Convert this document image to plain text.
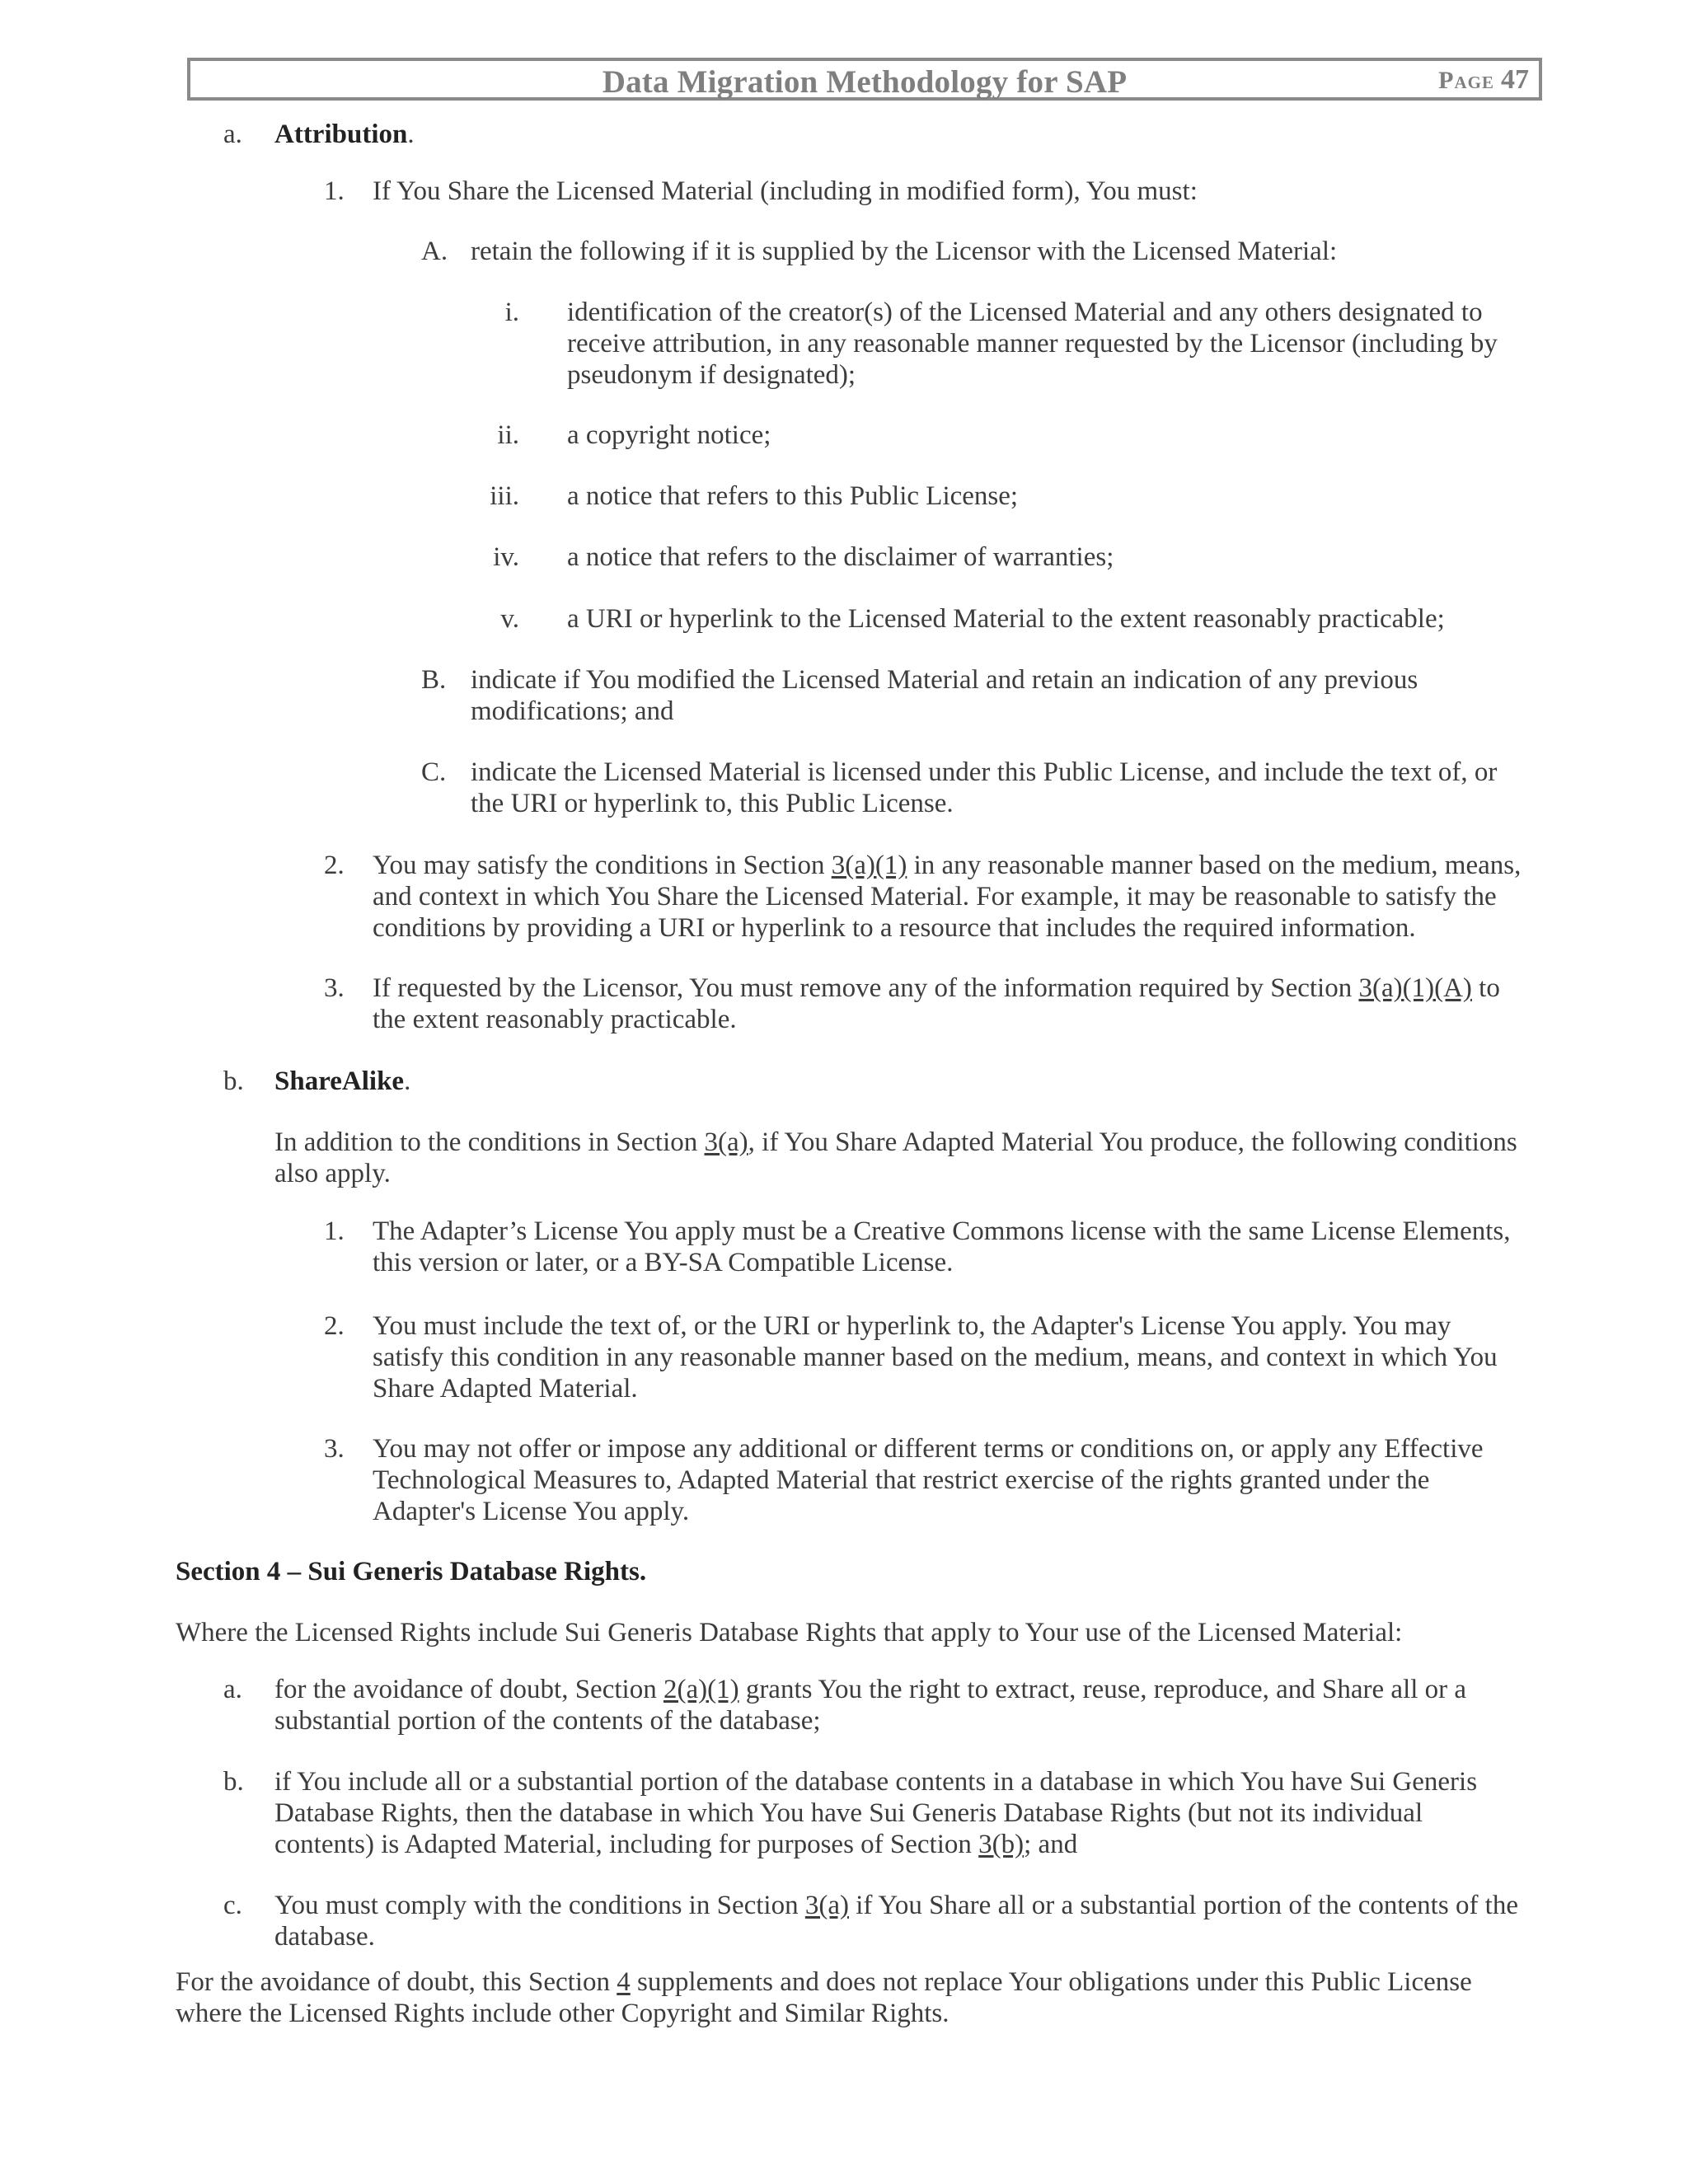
Data Migration Methodology for SAP	Page 47
a. Attribution.
1. If You Share the Licensed Material (including in modified form), You must:
A. retain the following if it is supplied by the Licensor with the Licensed Material:
i. identification of the creator(s) of the Licensed Material and any others designated to
receive attribution, in any reasonable manner requested by the Licensor (including by
pseudonym if designated);
ii. a copyright notice;
iii. a notice that refers to this Public License;
iv. a notice that refers to the disclaimer of warranties;
v. a URI or hyperlink to the Licensed Material to the extent reasonably practicable;
B. indicate if You modified the Licensed Material and retain an indication of any previous
modifications; and
C. indicate the Licensed Material is licensed under this Public License, and include the text of, or
the URI or hyperlink to, this Public License.
2. You may satisfy the conditions in Section 3(a)(1) in any reasonable manner based on the medium, means,
and context in which You Share the Licensed Material. For example, it may be reasonable to satisfy the
conditions by providing a URI or hyperlink to a resource that includes the required information.
3. If requested by the Licensor, You must remove any of the information required by Section 3(a)(1)(A) to
the extent reasonably practicable.
b. ShareAlike.
In addition to the conditions in Section 3(a), if You Share Adapted Material You produce, the following conditions
also apply.
1. The Adapter’s License You apply must be a Creative Commons license with the same License Elements,
this version or later, or a BY-SA Compatible License.
2. You must include the text of, or the URI or hyperlink to, the Adapter's License You apply. You may
satisfy this condition in any reasonable manner based on the medium, means, and context in which You
Share Adapted Material.
3. You may not offer or impose any additional or different terms or conditions on, or apply any Effective
Technological Measures to, Adapted Material that restrict exercise of the rights granted under the
Adapter's License You apply.
Section 4 – Sui Generis Database Rights.
Where the Licensed Rights include Sui Generis Database Rights that apply to Your use of the Licensed Material:
a. for the avoidance of doubt, Section 2(a)(1) grants You the right to extract, reuse, reproduce, and Share all or a
substantial portion of the contents of the database;
b. if You include all or a substantial portion of the database contents in a database in which You have Sui Generis
Database Rights, then the database in which You have Sui Generis Database Rights (but not its individual
contents) is Adapted Material, including for purposes of Section 3(b); and
c. You must comply with the conditions in Section 3(a) if You Share all or a substantial portion of the contents of the
database.
For the avoidance of doubt, this Section 4 supplements and does not replace Your obligations under this Public License
where the Licensed Rights include other Copyright and Similar Rights.
